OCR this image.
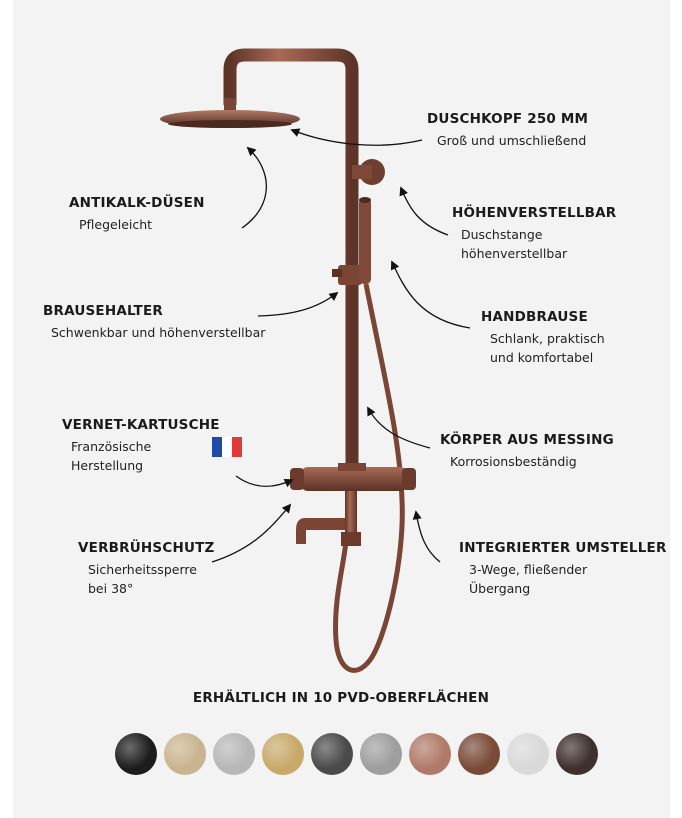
DUSCHKOPF 250 MM
Groß und umschließend
ANTIKALK-DÜSEN
Pflegeleicht
HÖHENVERSTELLBAR
Duschstange
höhenverstellbar
BRAUSEHALTER
Schwenkbar und höhenverstellbar
HANDBRAUSE
Schlank, praktisch
und komfortabel
VERNET-KARTUSCHE
Französische
Herstellung
KÖRPER AUS MESSING
Korrosionsbeständig
VERBRÜHSCHUTZ
Sicherheitssperre
bei 38°
INTEGRIERTER UMSTELLER
3-Wege, fließender
Übergang
ERHÄLTLICH IN 10 PVD-OBERFLÄCHEN
